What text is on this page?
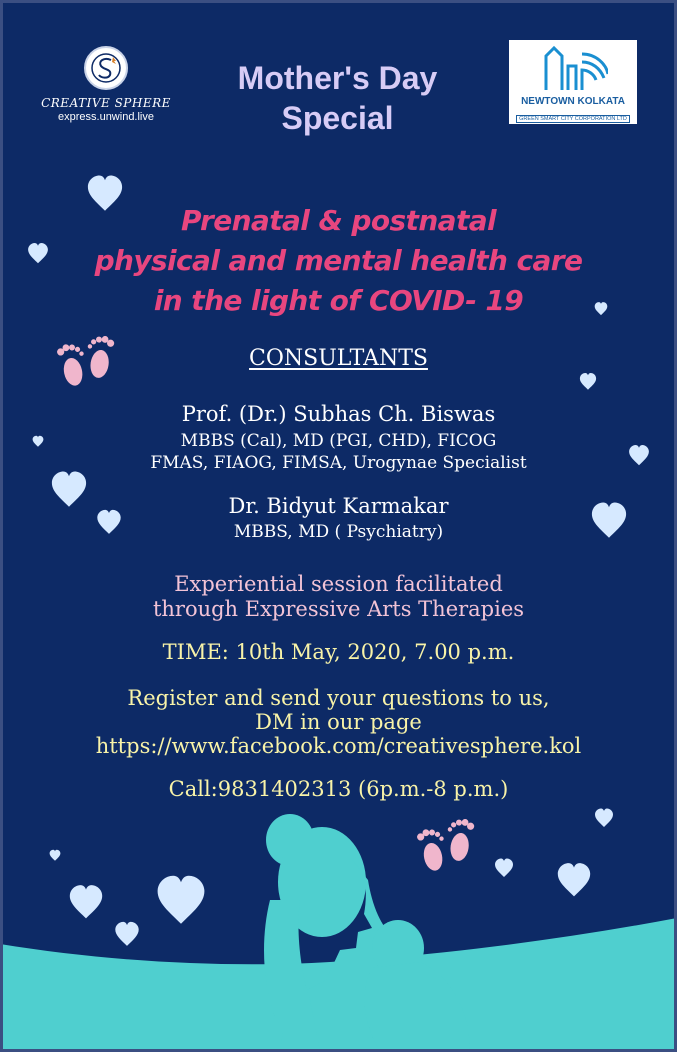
CREATIVE SPHERE
express.unwind.live
NEWTOWN KOLKATA
GREEN SMART CITY CORPORATION LTD
Mother's Day
Special
Prenatal & postnatal
physical and mental health care
in the light of COVID- 19
CONSULTANTS
Prof. (Dr.) Subhas Ch. Biswas
MBBS (Cal), MD (PGI, CHD), FICOG
FMAS, FIAOG, FIMSA, Urogynae Specialist
Dr. Bidyut Karmakar
MBBS, MD ( Psychiatry)
Experiential session facilitated
through Expressive Arts Therapies
TIME: 10th May, 2020, 7.00 p.m.
Register and send your questions to us,
DM in our page
https://www.facebook.com/creativesphere.kol
Call:9831402313 (6p.m.-8 p.m.)
